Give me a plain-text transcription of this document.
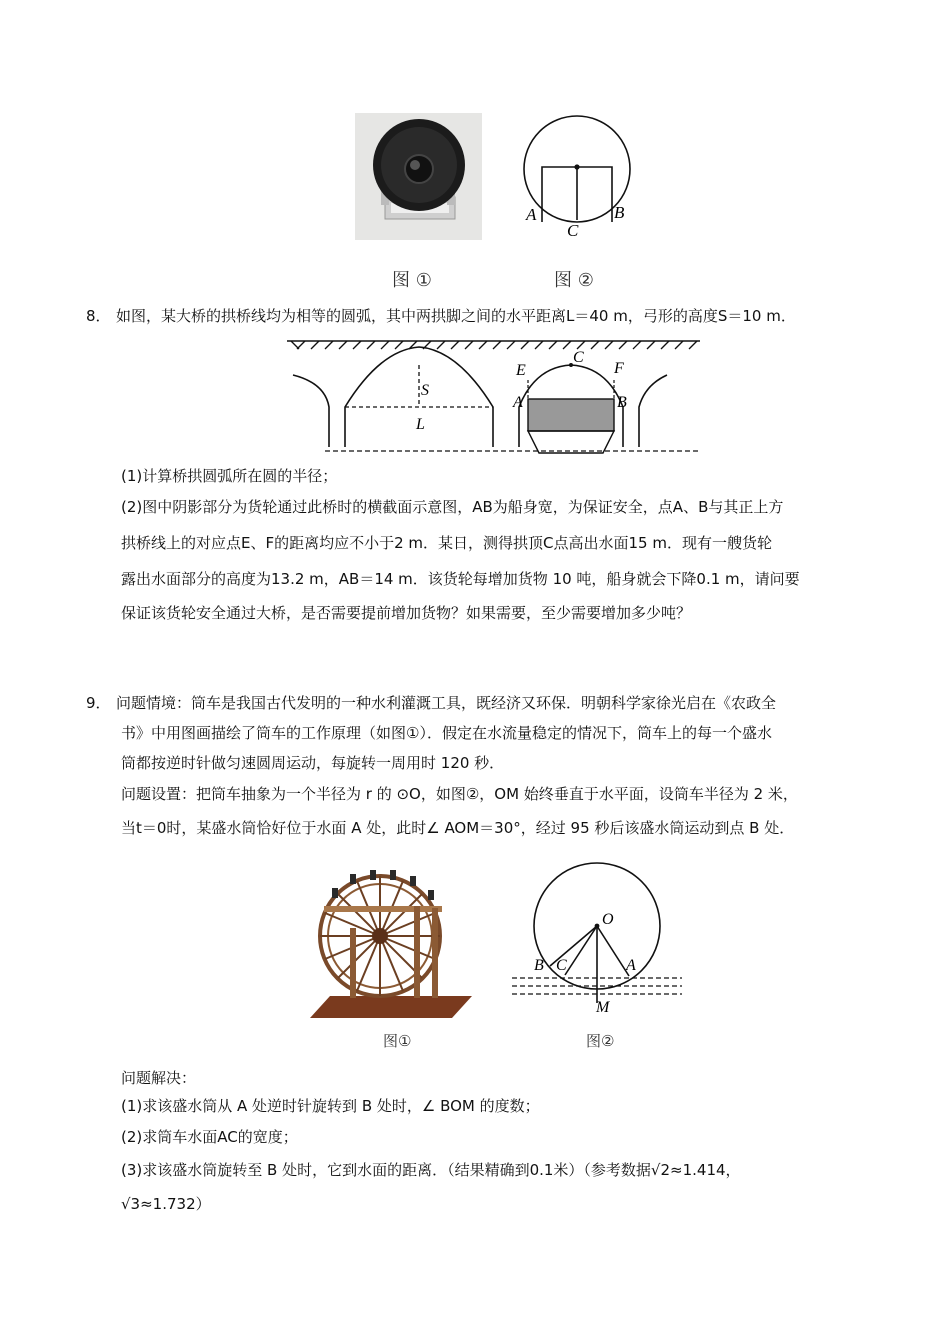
A	B
C
图 ①	图 ②
8． 如图，某大桥的拱桥线均为相等的圆弧，其中两拱脚之间的水平距离L＝40 m，弓形的高度S＝10 m．
S
L
C
E	F
A	B
(1)计算桥拱圆弧所在圆的半径；
(2)图中阴影部分为货轮通过此桥时的横截面示意图，AB为船身宽，为保证安全，点A、B与其正上方
拱桥线上的对应点E、F的距离均应不小于2 m．某日，测得拱顶C点高出水面15 m．现有一艘货轮
露出水面部分的高度为13.2 m，AB＝14 m．该货轮每增加货物 10 吨，船身就会下降0.1 m，请问要
保证该货轮安全通过大桥，是否需要提前增加货物？如果需要，至少需要增加多少吨？
9． 问题情境：筒车是我国古代发明的一种水利灌溉工具，既经济又环保．明朝科学家徐光启在《农政全
书》中用图画描绘了筒车的工作原理（如图①）．假定在水流量稳定的情况下，筒车上的每一个盛水
筒都按逆时针做匀速圆周运动，每旋转一周用时 120 秒．
问题设置：把筒车抽象为一个半径为 r 的 ⊙O，如图②，OM 始终垂直于水平面，设筒车半径为 2 米，
当t＝0时，某盛水筒恰好位于水面 A 处，此时∠ AOM＝30°，经过 95 秒后该盛水筒运动到点 B 处．
O
B C	A
M
图①	图②
问题解决：
(1)求该盛水筒从 A 处逆时针旋转到 B 处时，∠ BOM 的度数；
(2)求筒车水面AC的宽度；
(3)求该盛水筒旋转至 B 处时，它到水面的距离．（结果精确到0.1米）（参考数据√2≈1.414，
√3≈1.732）
